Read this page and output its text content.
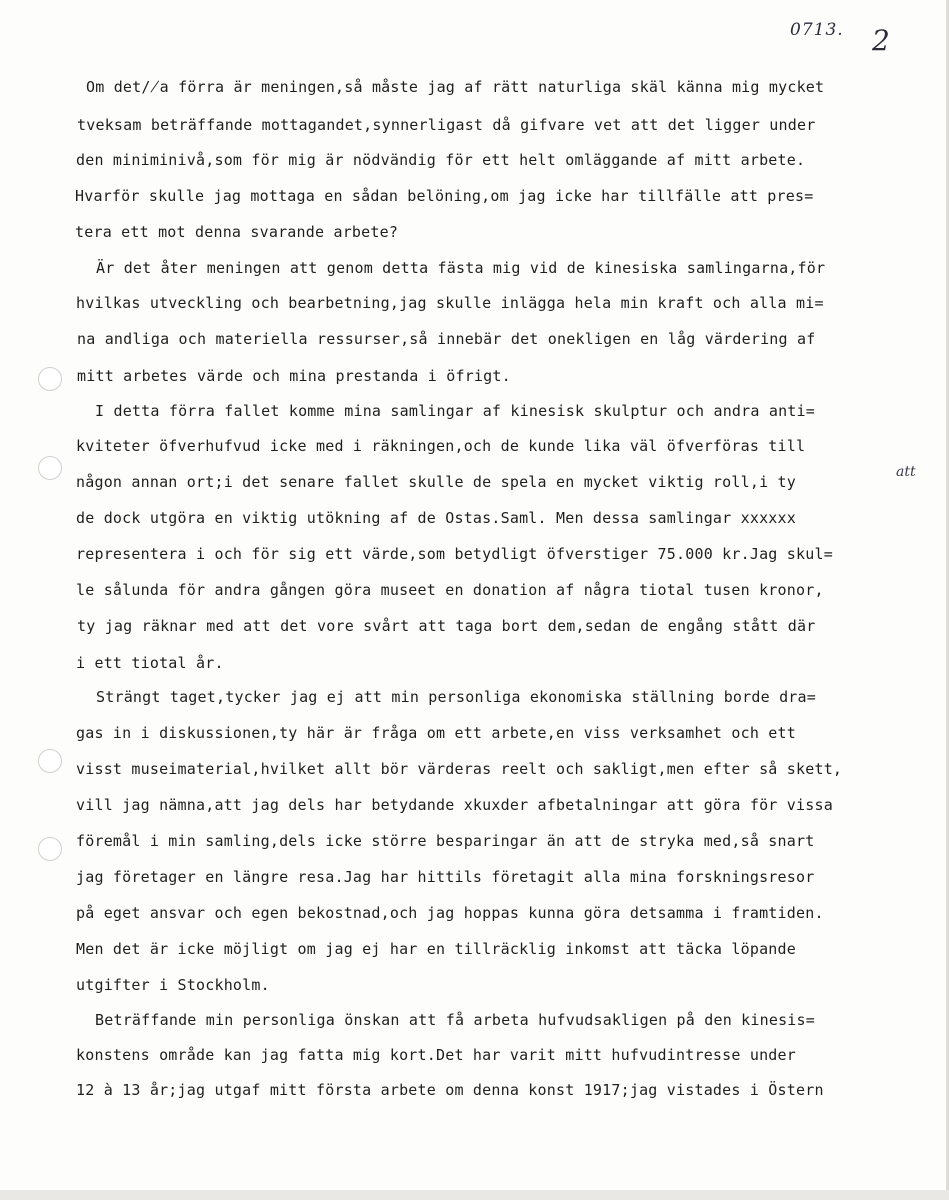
0713. 2
Om det/̸a förra är meningen,så måste jag af rätt naturliga skäl känna mig mycket
tveksam beträffande mottagandet,synnerligast då gifvare vet att det ligger under
den miniminivå,som för mig är nödvändig för ett helt omläggande af mitt arbete.
Hvarför skulle jag mottaga en sådan belöning,om jag icke har tillfälle att pres=
tera ett mot denna svarande arbete?
Är det åter meningen att genom detta fästa mig vid de kinesiska samlingarna,för
hvilkas utveckling och bearbetning,jag skulle inlägga hela min kraft och alla mi=
na andliga och materiella ressurser,så innebär det onekligen en låg värdering af
mitt arbetes värde och mina prestanda i öfrigt.
I detta förra fallet komme mina samlingar af kinesisk skulptur och andra anti=
kviteter öfverhufvud icke med i räkningen,och de kunde lika väl öfverföras till
någon annan ort;i det senare fallet skulle de spela en mycket viktig roll,i ty
de dock utgöra en viktig utökning af de Ostas.Saml. Men dessa samlingar xxxxxx
representera i och för sig ett värde,som betydligt öfverstiger 75.000 kr.Jag skul=
le sålunda för andra gången göra museet en donation af några tiotal tusen kronor,
ty jag räknar med att det vore svårt att taga bort dem,sedan de engång stått där
i ett tiotal år.
Strängt taget,tycker jag ej att min personliga ekonomiska ställning borde dra=
gas in i diskussionen,ty här är fråga om ett arbete,en viss verksamhet och ett
visst museimaterial,hvilket allt bör värderas reelt och sakligt,men efter så skett,
vill jag nämna,att jag dels har betydande xkuxder afbetalningar att göra för vissa
föremål i min samling,dels icke större besparingar än att de stryka med,så snart
jag företager en längre resa.Jag har hittils företagit alla mina forskningsresor
på eget ansvar och egen bekostnad,och jag hoppas kunna göra detsamma i framtiden.
Men det är icke möjligt om jag ej har en tillräcklig inkomst att täcka löpande
utgifter i Stockholm.
Beträffande min personliga önskan att få arbeta hufvudsakligen på den kinesis=
konstens område kan jag fatta mig kort.Det har varit mitt hufvudintresse under
12 à 13 år;jag utgaf mitt första arbete om denna konst 1917;jag vistades i Östern
att
